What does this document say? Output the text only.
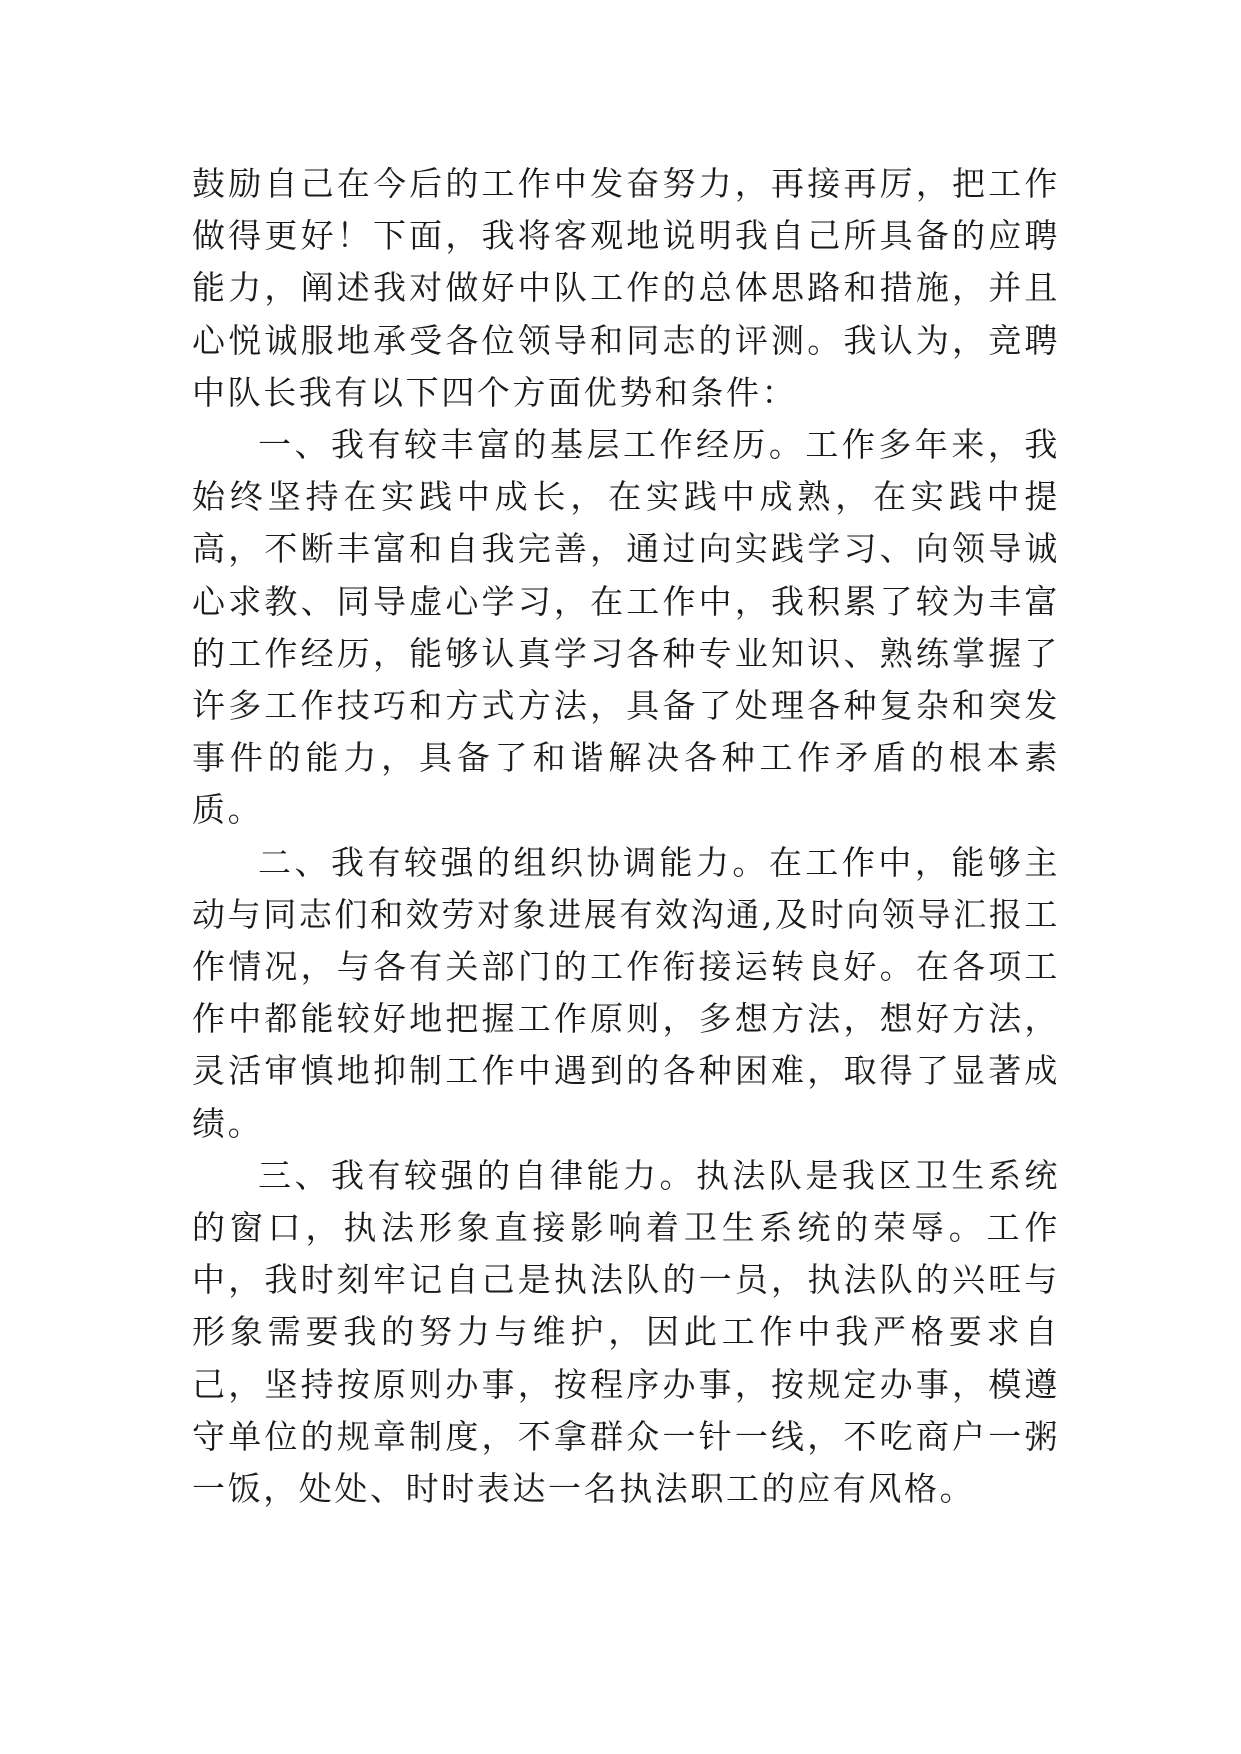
鼓励自己在今后的工作中发奋努力，再接再厉，把工作做得更好！下面，我将客观地说明我自己所具备的应聘能力，阐述我对做好中队工作的总体思路和措施，并且心悦诚服地承受各位领导和同志的评测。我认为，竞聘中队长我有以下四个方面优势和条件：

一、我有较丰富的基层工作经历。工作多年来，我始终坚持在实践中成长，在实践中成熟，在实践中提高，不断丰富和自我完善，通过向实践学习、向领导诚心求教、同导虚心学习，在工作中，我积累了较为丰富的工作经历，能够认真学习各种专业知识、熟练掌握了许多工作技巧和方式方法，具备了处理各种复杂和突发事件的能力，具备了和谐解决各种工作矛盾的根本素质。

二、我有较强的组织协调能力。在工作中，能够主动与同志们和效劳对象进展有效沟通,及时向领导汇报工作情况，与各有关部门的工作衔接运转良好。在各项工作中都能较好地把握工作原则，多想方法，想好方法，灵活审慎地抑制工作中遇到的各种困难，取得了显著成绩。

三、我有较强的自律能力。执法队是我区卫生系统的窗口，执法形象直接影响着卫生系统的荣辱。工作中，我时刻牢记自己是执法队的一员，执法队的兴旺与形象需要我的努力与维护，因此工作中我严格要求自己，坚持按原则办事，按程序办事，按规定办事，模遵守单位的规章制度，不拿群众一针一线，不吃商户一粥一饭，处处、时时表达一名执法职工的应有风格。
